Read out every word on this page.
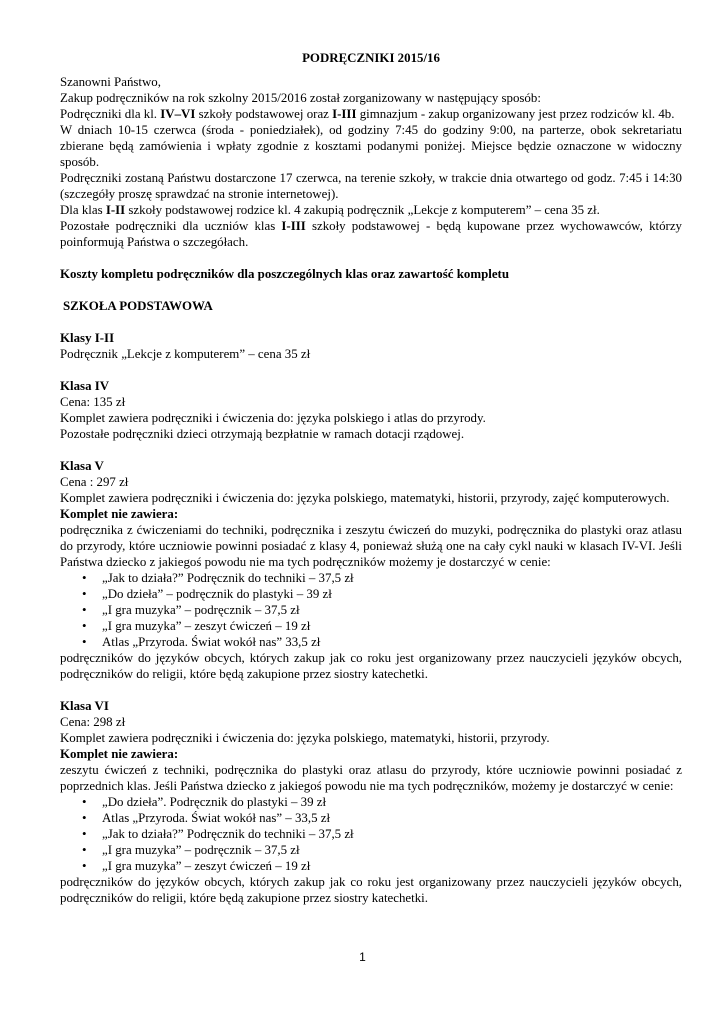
PODRĘCZNIKI 2015/16

Szanowni Państwo,

Zakup podręczników na rok szkolny 2015/2016 został zorganizowany w następujący sposób:

Podręczniki dla kl. IV–VI szkoły podstawowej oraz I-III gimnazjum - zakup organizowany jest przez rodziców kl. 4b.

W dniach 10-15 czerwca (środa - poniedziałek), od godziny 7:45 do godziny 9:00, na parterze, obok sekretariatu zbierane będą zamówienia i wpłaty zgodnie z kosztami podanymi poniżej. Miejsce będzie oznaczone w widoczny sposób.

Podręczniki zostaną Państwu dostarczone 17 czerwca, na terenie szkoły, w trakcie dnia otwartego od godz. 7:45 i 14:30 (szczegóły proszę sprawdzać na stronie internetowej).

Dla klas I-II szkoły podstawowej rodzice kl. 4 zakupią podręcznik „Lekcje z komputerem” – cena 35 zł.

Pozostałe podręczniki dla uczniów klas I-III szkoły podstawowej - będą kupowane przez wychowawców, którzy poinformują Państwa o szczegółach.

Koszty kompletu podręczników dla poszczególnych klas oraz zawartość kompletu

SZKOŁA PODSTAWOWA

Klasy I-II

Podręcznik „Lekcje z komputerem” – cena 35 zł

Klasa IV

Cena: 135 zł

Komplet zawiera podręczniki i ćwiczenia do: języka polskiego i atlas do przyrody.

Pozostałe podręczniki dzieci otrzymają bezpłatnie w ramach dotacji rządowej.

Klasa V

Cena : 297 zł

Komplet zawiera podręczniki i ćwiczenia do: języka polskiego, matematyki, historii, przyrody, zajęć komputerowych.

Komplet nie zawiera:

podręcznika z ćwiczeniami do techniki, podręcznika i zeszytu ćwiczeń do muzyki, podręcznika do plastyki oraz atlasu do przyrody, które uczniowie powinni posiadać z klasy 4, ponieważ służą one na cały cykl nauki w klasach IV-VI. Jeśli Państwa dziecko z jakiegoś powodu nie ma tych podręczników możemy je dostarczyć w cenie:

• „Jak to działa?” Podręcznik do techniki – 37,5 zł
• „Do dzieła” – podręcznik do plastyki – 39 zł
• „I gra muzyka” – podręcznik – 37,5 zł
• „I gra muzyka” – zeszyt ćwiczeń – 19 zł
• Atlas „Przyroda. Świat wokół nas” 33,5 zł

podręczników do języków obcych, których zakup jak co roku jest organizowany przez nauczycieli języków obcych, podręczników do religii, które będą zakupione przez siostry katechetki.

Klasa VI

Cena: 298 zł

Komplet zawiera podręczniki i ćwiczenia do: języka polskiego, matematyki, historii, przyrody.

Komplet nie zawiera:

zeszytu ćwiczeń z techniki, podręcznika do plastyki oraz atlasu do przyrody, które uczniowie powinni posiadać z poprzednich klas. Jeśli Państwa dziecko z jakiegoś powodu nie ma tych podręczników, możemy je dostarczyć w cenie:

• „Do dzieła”. Podręcznik do plastyki – 39 zł
• Atlas „Przyroda. Świat wokół nas” – 33,5 zł
• „Jak to działa?” Podręcznik do techniki – 37,5 zł
• „I gra muzyka” – podręcznik – 37,5 zł
• „I gra muzyka” – zeszyt ćwiczeń – 19 zł

podręczników do języków obcych, których zakup jak co roku jest organizowany przez nauczycieli języków obcych, podręczników do religii, które będą zakupione przez siostry katechetki.

1
